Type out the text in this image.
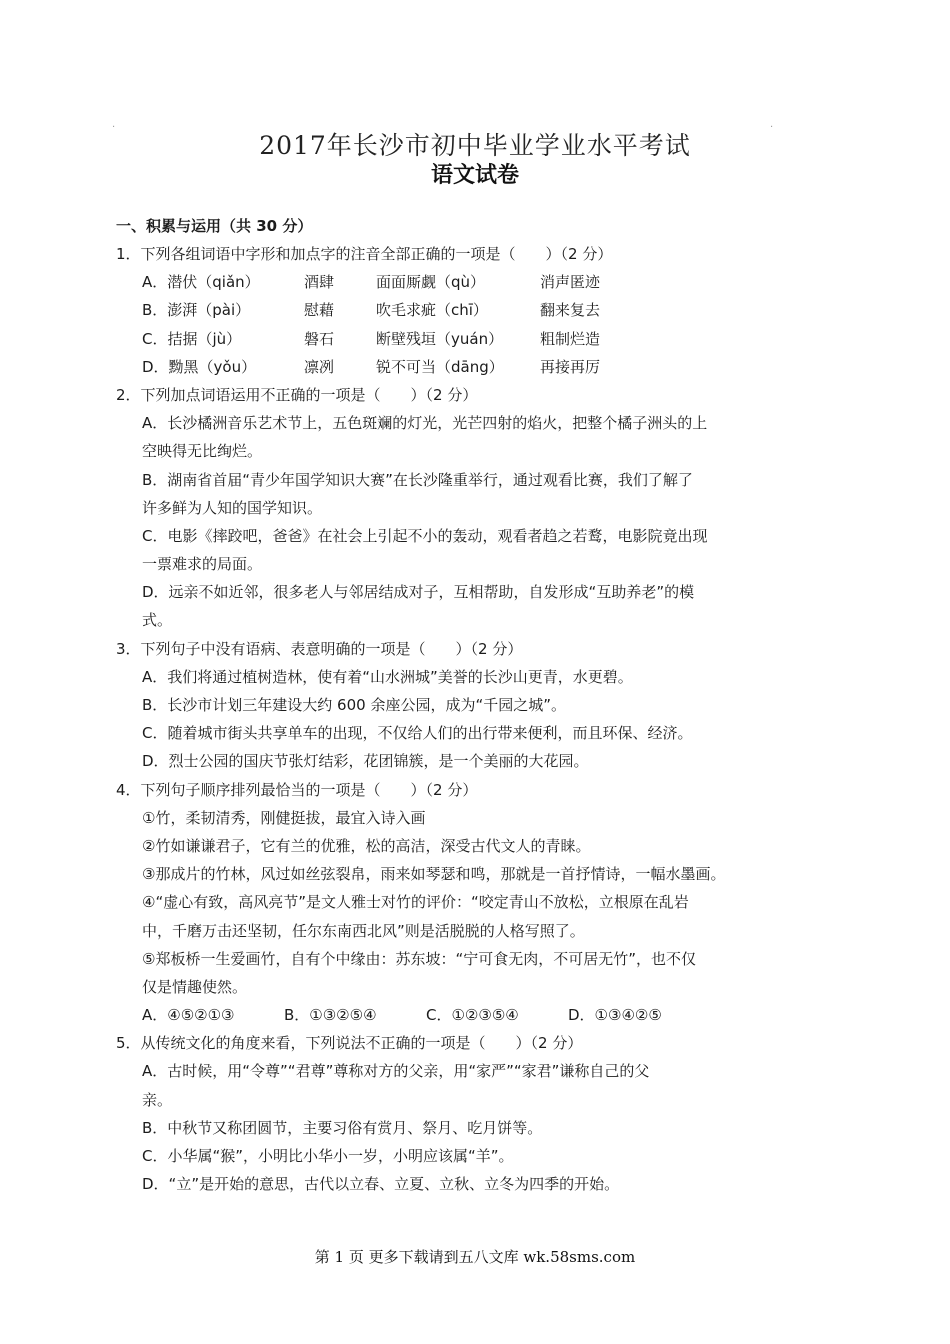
·	·
2017年长沙市初中毕业学业水平考试
语文试卷
一、积累与运用（共 30 分）
1．下列各组词语中字形和加点字的注音全部正确的一项是（　　）（2 分）
A．潜伏（qiǎn）	酒肆	面面厮觑（qù）	消声匿迹
B．澎湃（pài）	慰藉	吹毛求疵（chī）	翻来复去
C．拮据（jù）	磐石	断壁残垣（yuán）	粗制烂造
D．黝黑（yǒu）	凛冽	锐不可当（dāng）	再接再厉
2．下列加点词语运用不正确的一项是（　　）（2 分）
A．长沙橘洲音乐艺术节上，五色斑斓的灯光，光芒四射的焰火，把整个橘子洲头的上
空映得无比绚烂。
B．湖南省首届“青少年国学知识大赛”在长沙隆重举行，通过观看比赛，我们了解了
许多鲜为人知的国学知识。
C．电影《摔跤吧，爸爸》在社会上引起不小的轰动，观看者趋之若鹜，电影院竟出现
一票难求的局面。
D．远亲不如近邻，很多老人与邻居结成对子，互相帮助，自发形成“互助养老”的模
式。
3．下列句子中没有语病、表意明确的一项是（　　）（2 分）
A．我们将通过植树造林，使有着“山水洲城”美誉的长沙山更青，水更碧。
B．长沙市计划三年建设大约 600 余座公园，成为“千园之城”。
C．随着城市街头共享单车的出现，不仅给人们的出行带来便利，而且环保、经济。
D．烈士公园的国庆节张灯结彩，花团锦簇，是一个美丽的大花园。
4．下列句子顺序排列最恰当的一项是（　　）（2 分）
①竹，柔韧清秀，刚健挺拔，最宜入诗入画
②竹如谦谦君子，它有兰的优雅，松的高洁，深受古代文人的青睐。
③那成片的竹林，风过如丝弦裂帛，雨来如琴瑟和鸣，那就是一首抒情诗，一幅水墨画。
④“虚心有致，高风亮节”是文人雅士对竹的评价：“咬定青山不放松，立根原在乱岩
中，千磨万击还坚韧，任尔东南西北风”则是活脱脱的人格写照了。
⑤郑板桥一生爱画竹，自有个中缘由：苏东坡：“宁可食无肉，不可居无竹”，也不仅
仅是情趣使然。
A．④⑤②①③	B．①③②⑤④	C．①②③⑤④	D．①③④②⑤
5．从传统文化的角度来看，下列说法不正确的一项是（　　）（2 分）
A．古时候，用“令尊”“君尊”尊称对方的父亲，用“家严”“家君”谦称自己的父
亲。
B．中秋节又称团圆节，主要习俗有赏月、祭月、吃月饼等。
C．小华属“猴”，小明比小华小一岁，小明应该属“羊”。
D．“立”是开始的意思，古代以立春、立夏、立秋、立冬为四季的开始。
第 1 页 更多下载请到五八文库 wk.58sms.com
